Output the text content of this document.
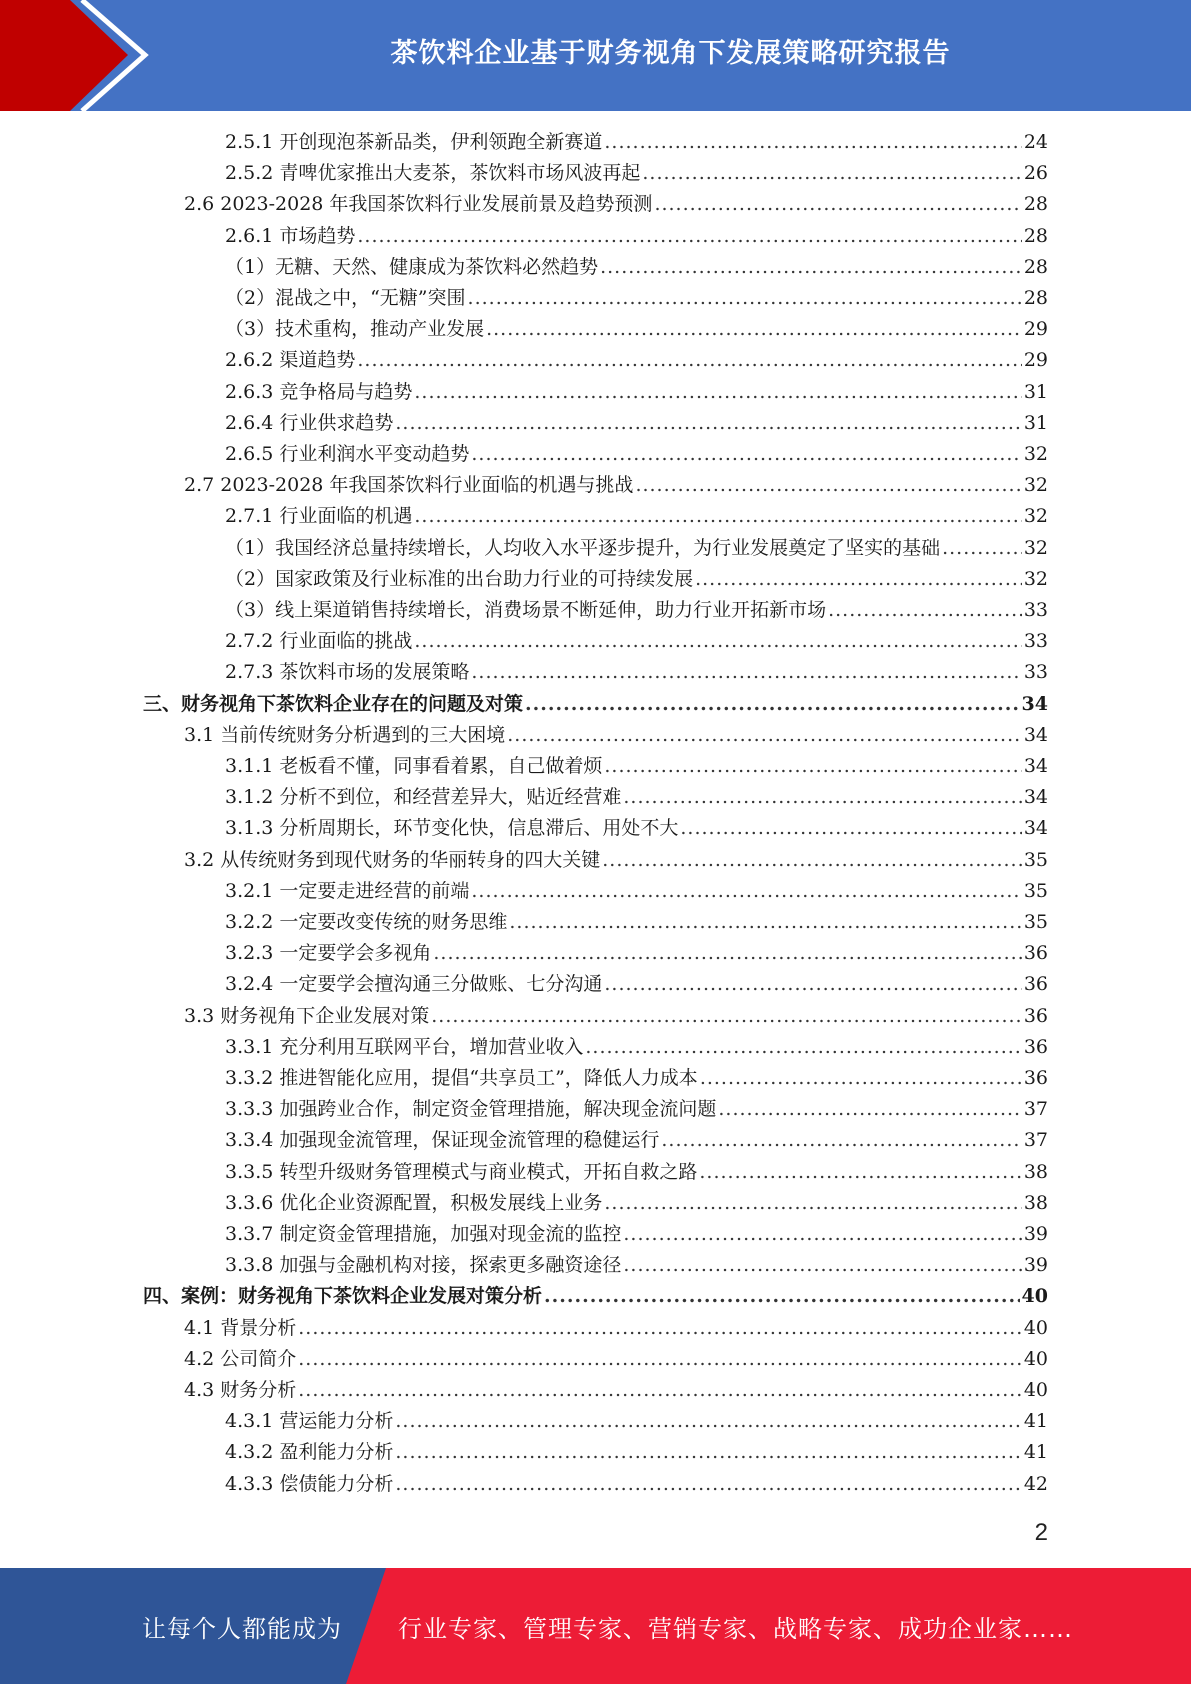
茶饮料企业基于财务视角下发展策略研究报告
2.5.1 开创现泡茶新品类，伊利领跑全新赛道 .....	24
2.5.2 青啤优家推出大麦茶，茶饮料市场风波再起 .....	26
2.6 2023-2028 年我国茶饮料行业发展前景及趋势预测 .....	28
2.6.1 市场趋势 .....	28
（1）无糖、天然、健康成为茶饮料必然趋势 .....	28
（2）混战之中，“无糖”突围 .....	28
（3）技术重构，推动产业发展 .....	29
2.6.2 渠道趋势 .....	29
2.6.3 竞争格局与趋势 .....	31
2.6.4 行业供求趋势 .....	31
2.6.5 行业利润水平变动趋势 .....	32
2.7 2023-2028 年我国茶饮料行业面临的机遇与挑战 .....	32
2.7.1 行业面临的机遇 .....	32
（1）我国经济总量持续增长，人均收入水平逐步提升，为行业发展奠定了坚实的基础 .....	32
（2）国家政策及行业标准的出台助力行业的可持续发展 .....	32
（3）线上渠道销售持续增长，消费场景不断延伸，助力行业开拓新市场 .....	33
2.7.2 行业面临的挑战 .....	33
2.7.3 茶饮料市场的发展策略 .....	33
三、财务视角下茶饮料企业存在的问题及对策 .....	34
3.1 当前传统财务分析遇到的三大困境 .....	34
3.1.1 老板看不懂，同事看着累，自己做着烦 .....	34
3.1.2 分析不到位，和经营差异大，贴近经营难 .....	34
3.1.3 分析周期长，环节变化快，信息滞后、用处不大 .....	34
3.2 从传统财务到现代财务的华丽转身的四大关键 .....	35
3.2.1 一定要走进经营的前端 .....	35
3.2.2 一定要改变传统的财务思维 .....	35
3.2.3 一定要学会多视角 .....	36
3.2.4 一定要学会擅沟通三分做账、七分沟通 .....	36
3.3 财务视角下企业发展对策 .....	36
3.3.1 充分利用互联网平台，增加营业收入 .....	36
3.3.2 推进智能化应用，提倡“共享员工”，降低人力成本 .....	36
3.3.3 加强跨业合作，制定资金管理措施，解决现金流问题 .....	37
3.3.4 加强现金流管理，保证现金流管理的稳健运行 .....	37
3.3.5 转型升级财务管理模式与商业模式，开拓自救之路 .....	38
3.3.6 优化企业资源配置，积极发展线上业务 .....	38
3.3.7 制定资金管理措施，加强对现金流的监控 .....	39
3.3.8 加强与金融机构对接，探索更多融资途径 .....	39
四、案例：财务视角下茶饮料企业发展对策分析 .....	40
4.1 背景分析 .....	40
4.2 公司简介 .....	40
4.3 财务分析 .....	40
4.3.1 营运能力分析 .....	41
4.3.2 盈利能力分析 .....	41
4.3.3 偿债能力分析 .....	42
2
让每个人都能成为 行业专家、管理专家、营销专家、战略专家、成功企业家……
